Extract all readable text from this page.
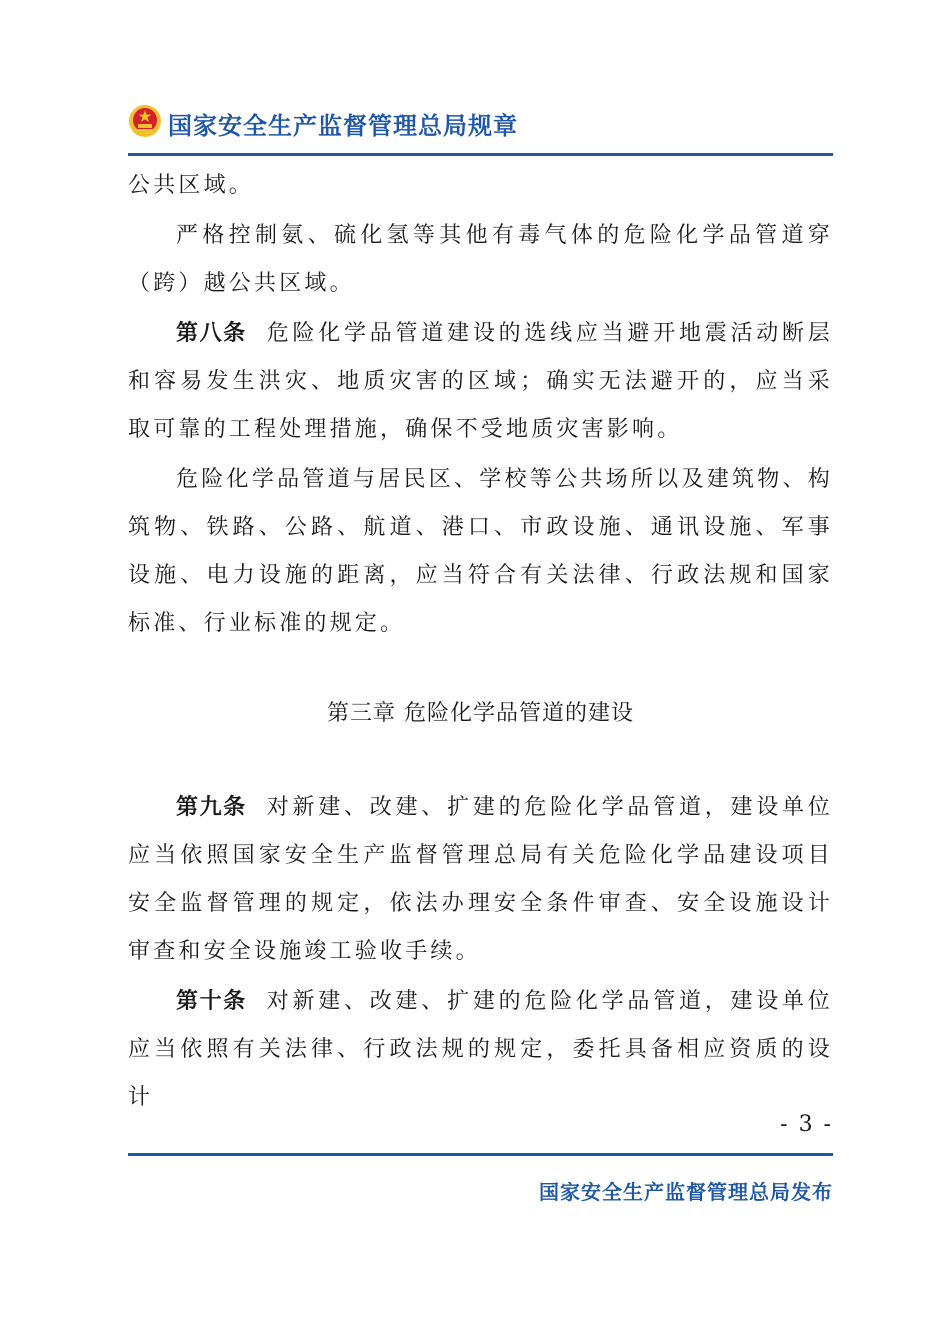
国家安全生产监督管理总局规章

公共区域。

严格控制氨、硫化氢等其他有毒气体的危险化学品管道穿（跨）越公共区域。

第八条 危险化学品管道建设的选线应当避开地震活动断层和容易发生洪灾、地质灾害的区域；确实无法避开的，应当采取可靠的工程处理措施，确保不受地质灾害影响。

危险化学品管道与居民区、学校等公共场所以及建筑物、构筑物、铁路、公路、航道、港口、市政设施、通讯设施、军事设施、电力设施的距离，应当符合有关法律、行政法规和国家标准、行业标准的规定。

第三章 危险化学品管道的建设

第九条 对新建、改建、扩建的危险化学品管道，建设单位应当依照国家安全生产监督管理总局有关危险化学品建设项目安全监督管理的规定，依法办理安全条件审查、安全设施设计审查和安全设施竣工验收手续。

第十条 对新建、改建、扩建的危险化学品管道，建设单位应当依照有关法律、行政法规的规定，委托具备相应资质的设计

- 3 -
国家安全生产监督管理总局发布
